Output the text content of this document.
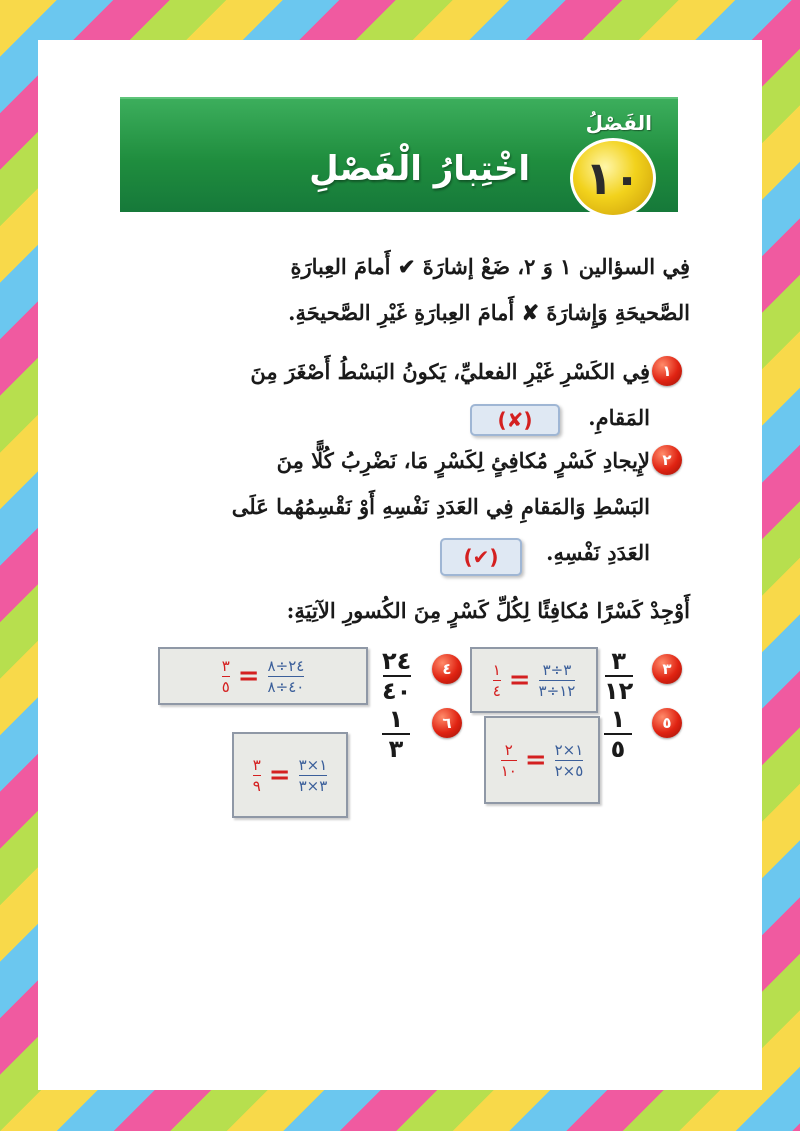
الفَصْلُ
اخْتِبارُ الْفَصْلِ ١٠
فِي السؤالين ١ وَ ٢، ضَعْ إشارَةَ ✔ أَمامَ العِبارَةِ
الصَّحيحَةِ وَإِشارَةَ ✘ أَمامَ العِبارَةِ غَيْرِ الصَّحيحَةِ.
١
فِي الكَسْرِ غَيْرِ الفعليِّ، يَكونُ البَسْطُ أَصْغَرَ مِنَ
المَقامِ.
(✘)
٢
لإِيجادِ كَسْرٍ مُكافِئٍ لِكَسْرٍ مَا، نَضْرِبُ كُلًّا مِنَ
البَسْطِ وَالمَقامِ فِي العَدَدِ نَفْسِهِ أَوْ نَقْسِمُهُما عَلَى
العَدَدِ نَفْسِهِ.
(✔)
أَوْجِدْ كَسْرًا مُكافِئًا لِكُلِّ كَسْرٍ مِنَ الكُسورِ الآتِيَةِ:
٣
٣
١٢
$\frac{١}{٤} = \frac{٣\div ٣}{١٢\div ٣}$
٤
٢٤
٤٠
$\frac{٣}{٥} = \frac{٢٤\div ٨}{٤٠\div ٨}$
٥
١
٥
$\frac{٢}{١٠} = \frac{١\times ٢}{٥\times ٢}$
٦
١
٣
$\frac{٣}{٩} = \frac{١\times ٣}{٣\times ٣}$
